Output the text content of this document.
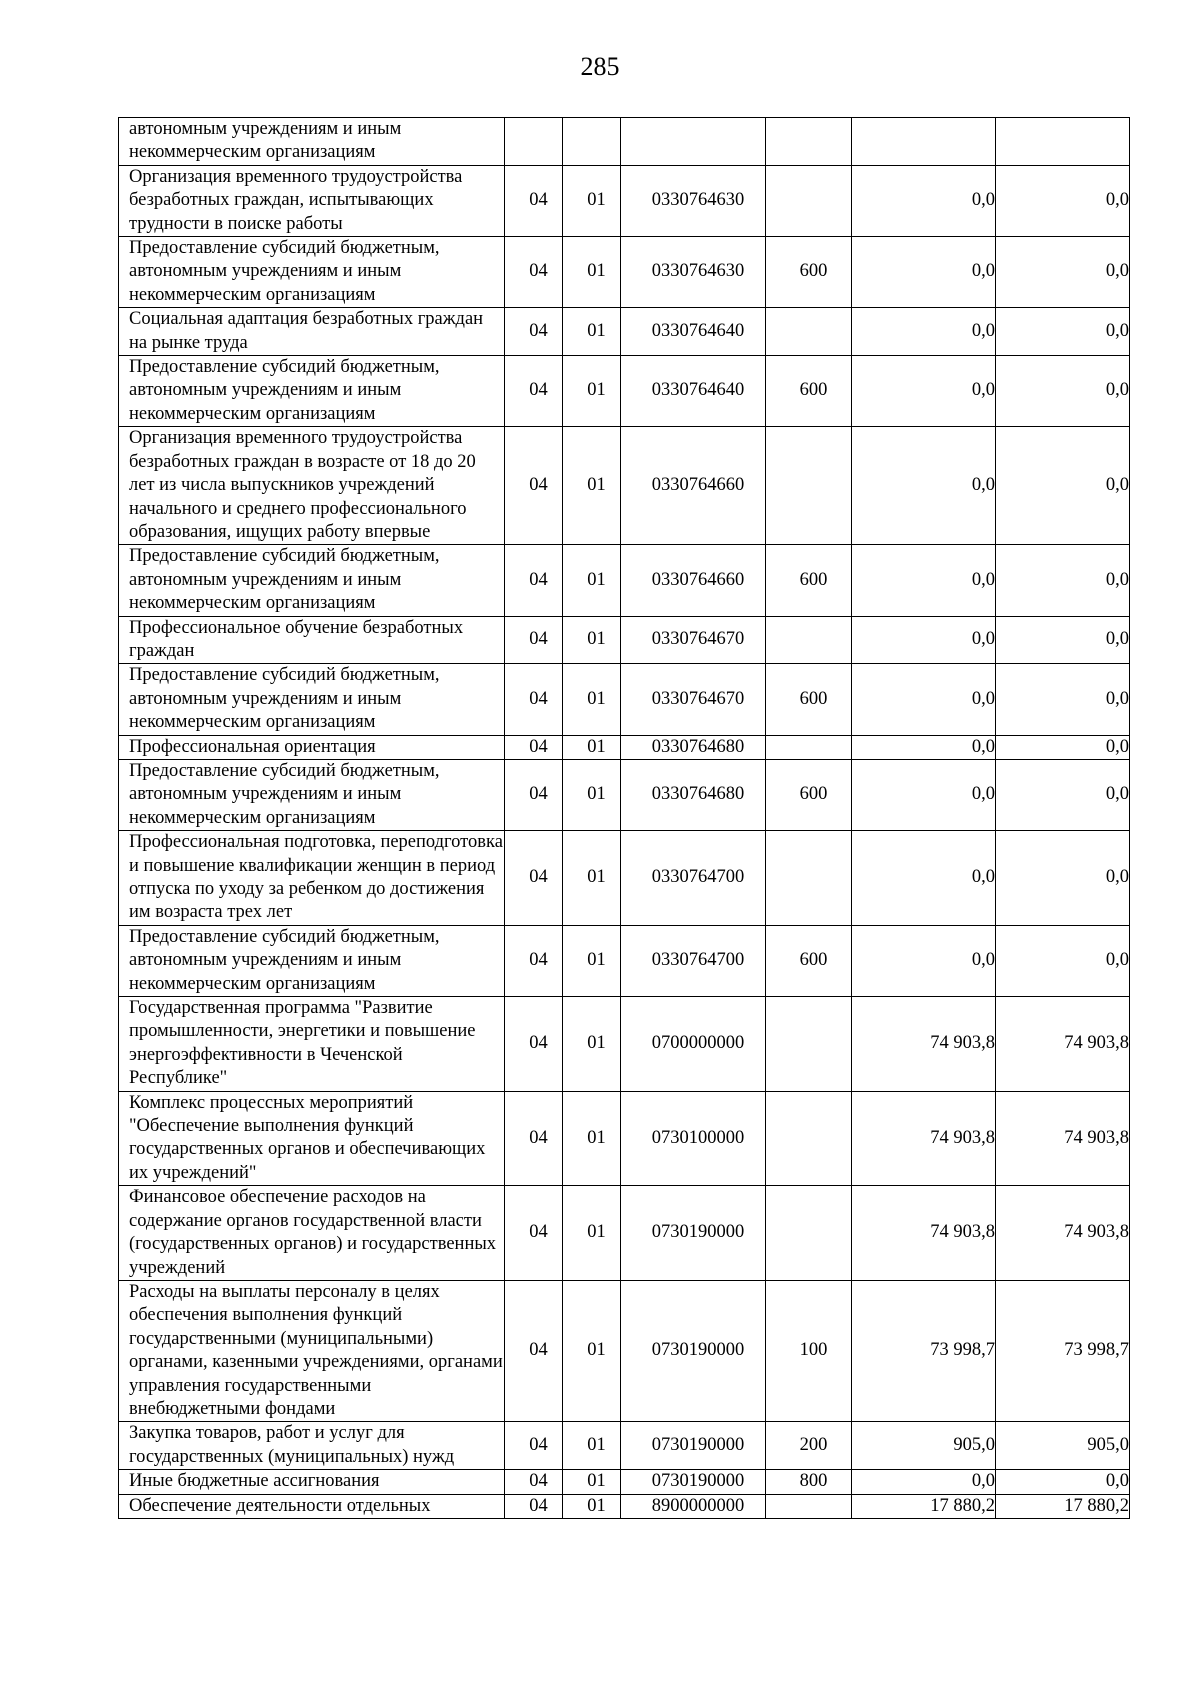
285
автономным учреждениям и иным некоммерческим организациям						
Организация временного трудоустройства безработных граждан, испытывающих трудности в поиске работы	04	01	0330764630		0,0	0,0
Предоставление субсидий бюджетным, автономным учреждениям и иным некоммерческим организациям	04	01	0330764630	600	0,0	0,0
Социальная адаптация безработных граждан на рынке труда	04	01	0330764640		0,0	0,0
Предоставление субсидий бюджетным, автономным учреждениям и иным некоммерческим организациям	04	01	0330764640	600	0,0	0,0
Организация временного трудоустройства безработных граждан в возрасте от 18 до 20 лет из числа выпускников учреждений начального и среднего профессионального образования, ищущих работу впервые	04	01	0330764660		0,0	0,0
Предоставление субсидий бюджетным, автономным учреждениям и иным некоммерческим организациям	04	01	0330764660	600	0,0	0,0
Профессиональное обучение безработных граждан	04	01	0330764670		0,0	0,0
Предоставление субсидий бюджетным, автономным учреждениям и иным некоммерческим организациям	04	01	0330764670	600	0,0	0,0
Профессиональная ориентация	04	01	0330764680		0,0	0,0
Предоставление субсидий бюджетным, автономным учреждениям и иным некоммерческим организациям	04	01	0330764680	600	0,0	0,0
Профессиональная подготовка, переподготовка и повышение квалификации женщин в период отпуска по уходу за ребенком до достижения им возраста трех лет	04	01	0330764700		0,0	0,0
Предоставление субсидий бюджетным, автономным учреждениям и иным некоммерческим организациям	04	01	0330764700	600	0,0	0,0
Государственная программа "Развитие промышленности, энергетики и повышение энергоэффективности в Чеченской Республике"	04	01	0700000000		74 903,8	74 903,8
Комплекс процессных мероприятий "Обеспечение выполнения функций государственных органов и обеспечивающих их учреждений"	04	01	0730100000		74 903,8	74 903,8
Финансовое обеспечение расходов на содержание органов государственной власти (государственных органов) и государственных учреждений	04	01	0730190000		74 903,8	74 903,8
Расходы на выплаты персоналу в целях обеспечения выполнения функций государственными (муниципальными) органами, казенными учреждениями, органами управления государственными внебюджетными фондами	04	01	0730190000	100	73 998,7	73 998,7
Закупка товаров, работ и услуг для государственных (муниципальных) нужд	04	01	0730190000	200	905,0	905,0
Иные бюджетные ассигнования	04	01	0730190000	800	0,0	0,0
Обеспечение деятельности отдельных	04	01	8900000000		17 880,2	17 880,2
